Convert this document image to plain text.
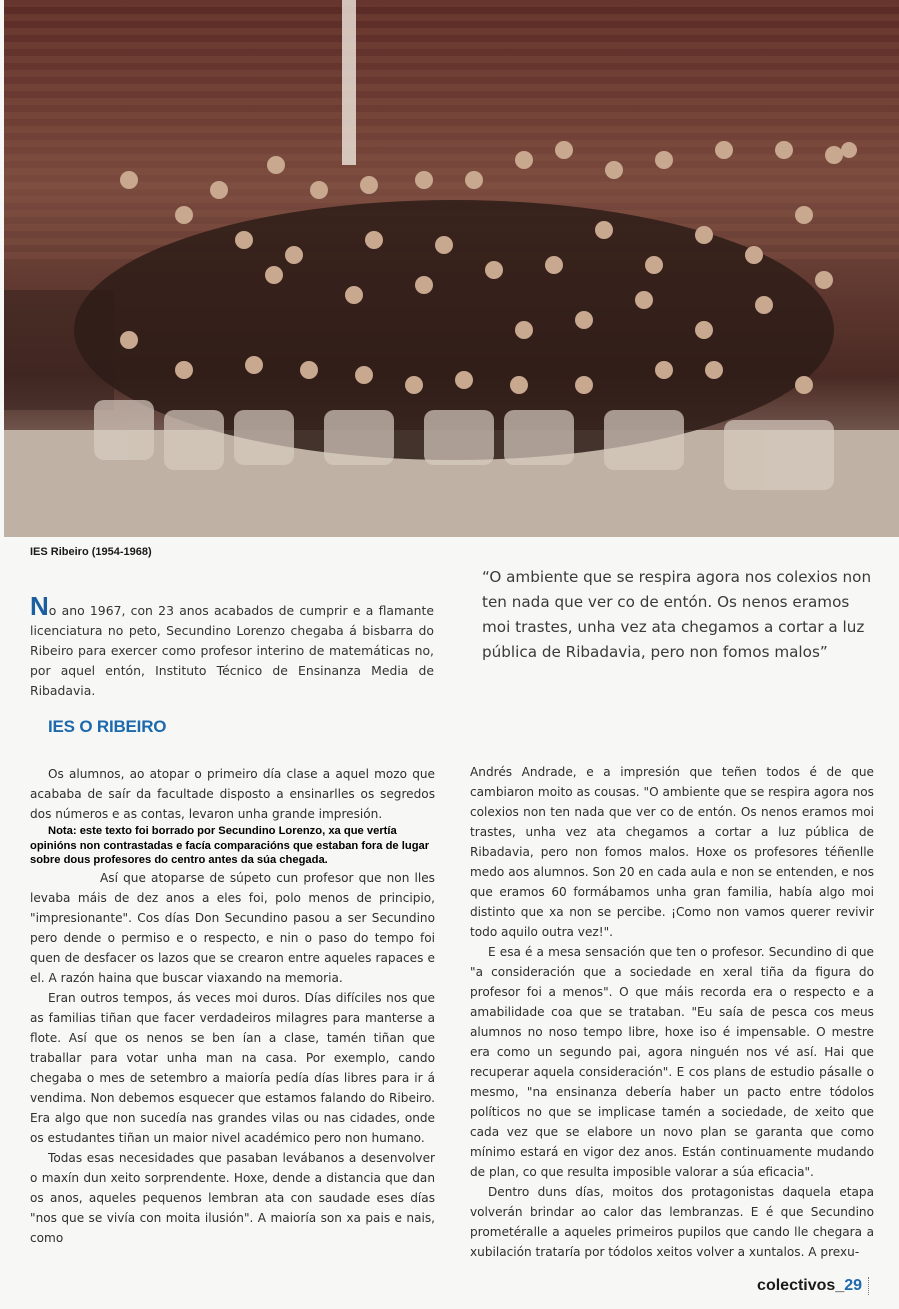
IES Ribeiro (1954-1968)
No ano 1967, con 23 anos acabados de cumprir e a flamante licenciatura no peto, Secundino Lorenzo chegaba á bisbarra do Ribeiro para exercer como profesor interino de matemáticas no, por aquel entón, Instituto Técnico de Ensinanza Media de Ribadavia.
“O ambiente que se respira agora nos colexios non ten nada que ver co de entón. Os nenos eramos moi trastes, unha vez ata chegamos a cortar a luz pública de Ribadavia, pero non fomos malos”
IES O RIBEIRO

Os alumnos, ao atopar o primeiro día clase a aquel mozo que acababa de saír da facultade disposto a ensinarlles os segredos dos números e as contas, levaron unha grande impresión.

Nota: este texto foi borrado por Secundino Lorenzo, xa que vertía opinións non contrastadas e facía comparacións que estaban fora de lugar sobre dous profesores do centro antes da súa chegada.

Así que atoparse de súpeto cun profesor que non lles levaba máis de dez anos a eles foi, polo menos de principio, "impresionante". Cos días Don Secundino pasou a ser Secundino pero dende o permiso e o respecto, e nin o paso do tempo foi quen de desfacer os lazos que se crearon entre aqueles rapaces e el. A razón haina que buscar viaxando na memoria.

Eran outros tempos, ás veces moi duros. Días difíciles nos que as familias tiñan que facer verdadeiros milagres para manterse a flote. Así que os nenos se ben ían a clase, tamén tiñan que traballar para votar unha man na casa. Por exemplo, cando chegaba o mes de setembro a maioría pedía días libres para ir á vendima. Non debemos esquecer que estamos falando do Ribeiro. Era algo que non sucedía nas grandes vilas ou nas cidades, onde os estudantes tiñan un maior nivel académico pero non humano.

Todas esas necesidades que pasaban levábanos a desenvolver o maxín dun xeito sorprendente. Hoxe, dende a distancia que dan os anos, aqueles pequenos lembran ata con saudade eses días "nos que se vivía con moita ilusión". A maioría son xa pais e nais, como

Andrés Andrade, e a impresión que teñen todos é de que cambiaron moito as cousas. "O ambiente que se respira agora nos colexios non ten nada que ver co de entón. Os nenos eramos moi trastes, unha vez ata chegamos a cortar a luz pública de Ribadavia, pero non fomos malos. Hoxe os profesores téñenlle medo aos alumnos. Son 20 en cada aula e non se entenden, e nos que eramos 60 formábamos unha gran familia, había algo moi distinto que xa non se percibe. ¡Como non vamos querer revivir todo aquilo outra vez!".

E esa é a mesa sensación que ten o profesor. Secundino di que "a consideración que a sociedade en xeral tiña da figura do profesor foi a menos". O que máis recorda era o respecto e a amabilidade coa que se trataban. "Eu saía de pesca cos meus alumnos no noso tempo libre, hoxe iso é impensable. O mestre era como un segundo pai, agora ninguén nos vé así. Hai que recuperar aquela consideración". E cos plans de estudio pásalle o mesmo, "na ensinanza debería haber un pacto entre tódolos políticos no que se implicase tamén a sociedade, de xeito que cada vez que se elabore un novo plan se garanta que como mínimo estará en vigor dez anos. Están continuamente mudando de plan, co que resulta imposible valorar a súa eficacia".

Dentro duns días, moitos dos protagonistas daquela etapa volverán brindar ao calor das lembranzas. E é que Secundino prometéralle a aqueles primeiros pupilos que cando lle chegara a xubilación trataría por tódolos xeitos volver a xuntalos. A prexu-

colectivos_29
